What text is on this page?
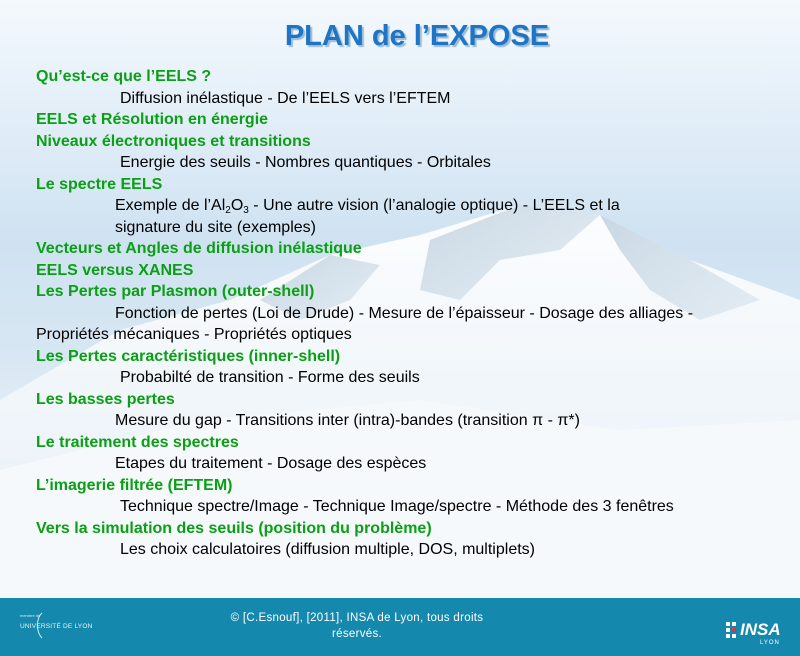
PLAN de l’EXPOSE

Qu’est-ce que l’EELS ?

Diffusion inélastique - De l’EELS vers l’EFTEM

EELS et Résolution en énergie

Niveaux électroniques et transitions

Energie des seuils - Nombres quantiques - Orbitales

Le spectre EELS

Exemple de $l’Al_2O_3$ - Une autre vision (l’analogie optique) - L’EELS et la

signature du site (exemples)

Vecteurs et Angles de diffusion inélastique

EELS versus XANES

Les Pertes par Plasmon (outer-shell)

Fonction de pertes (Loi de Drude) - Mesure de l’épaisseur - Dosage des alliages -

Propriétés mécaniques - Propriétés optiques

Les Pertes caractéristiques (inner-shell)

Probabilté de transition - Forme des seuils

Les basses pertes

Mesure du gap - Transitions inter (intra)-bandes (transition π - π*)

Le traitement des spectres

Etapes du traitement - Dosage des espèces

L’imagerie filtrée (EFTEM)

Technique spectre/Image - Technique Image/spectre - Méthode des 3 fenêtres

Vers la simulation des seuils (position du problème)

Les choix calculatoires (diffusion multiple, DOS, multiplets)

membre de
UNIVERSITÉ DE LYON
© [C.Esnouf], [2011], INSA de Lyon, tous droits
réservés.	INSA
LYON
